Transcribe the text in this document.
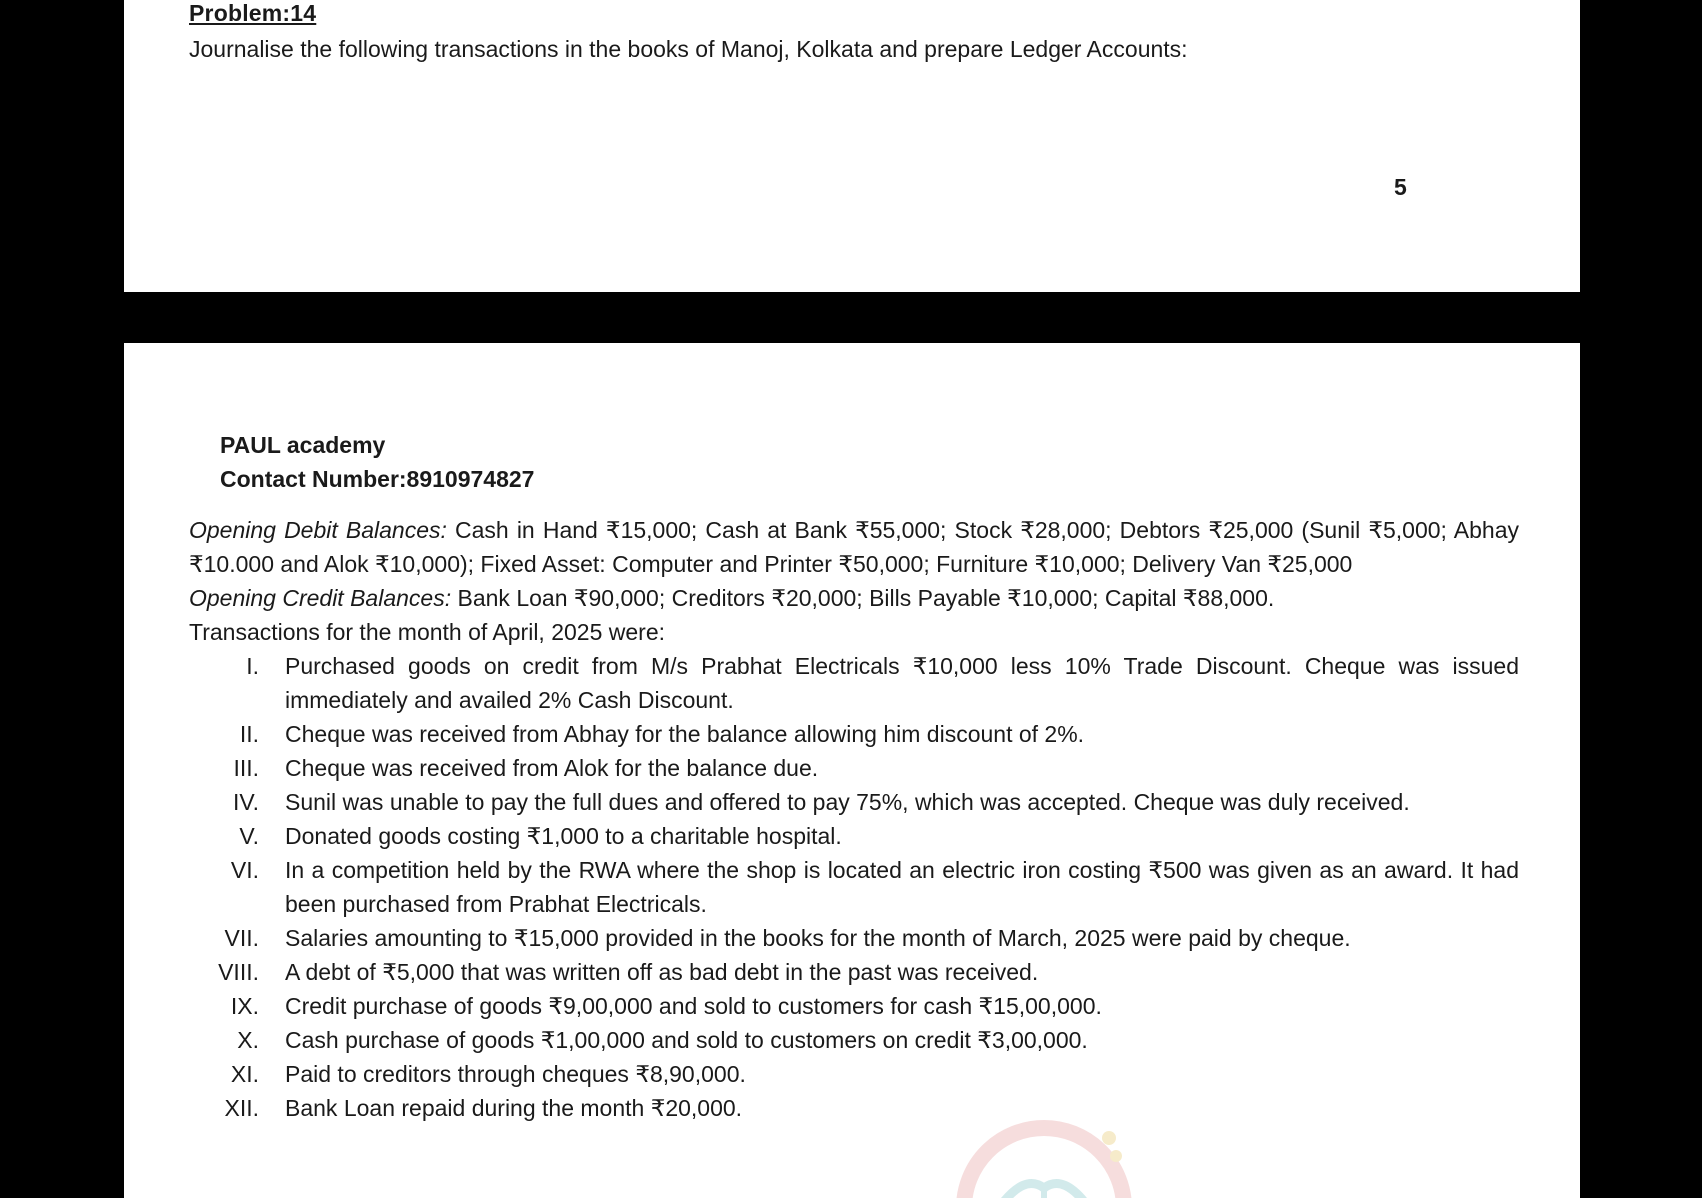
Problem:14
Journalise the following transactions in the books of Manoj, Kolkata and prepare Ledger Accounts:
5
PAUL academy
Contact Number:8910974827

Opening Debit Balances: Cash in Hand ₹15,000; Cash at Bank ₹55,000; Stock ₹28,000; Debtors ₹25,000 (Sunil ₹5,000; Abhay ₹10.000 and Alok ₹10,000); Fixed Asset: Computer and Printer ₹50,000; Furniture ₹10,000; Delivery Van ₹25,000

Opening Credit Balances: Bank Loan ₹90,000; Creditors ₹20,000; Bills Payable ₹10,000; Capital ₹88,000.

Transactions for the month of April, 2025 were:

I. Purchased goods on credit from M/s Prabhat Electricals ₹10,000 less 10% Trade Discount. Cheque was issued immediately and availed 2% Cash Discount.
II. Cheque was received from Abhay for the balance allowing him discount of 2%.
III. Cheque was received from Alok for the balance due.
IV. Sunil was unable to pay the full dues and offered to pay 75%, which was accepted. Cheque was duly received.
V. Donated goods costing ₹1,000 to a charitable hospital.
VI. In a competition held by the RWA where the shop is located an electric iron costing ₹500 was given as an award. It had been purchased from Prabhat Electricals.
VII. Salaries amounting to ₹15,000 provided in the books for the month of March, 2025 were paid by cheque.
VIII. A debt of ₹5,000 that was written off as bad debt in the past was received.
IX. Credit purchase of goods ₹9,00,000 and sold to customers for cash ₹15,00,000.
X. Cash purchase of goods ₹1,00,000 and sold to customers on credit ₹3,00,000.
XI. Paid to creditors through cheques ₹8,90,000.
XII. Bank Loan repaid during the month ₹20,000.
